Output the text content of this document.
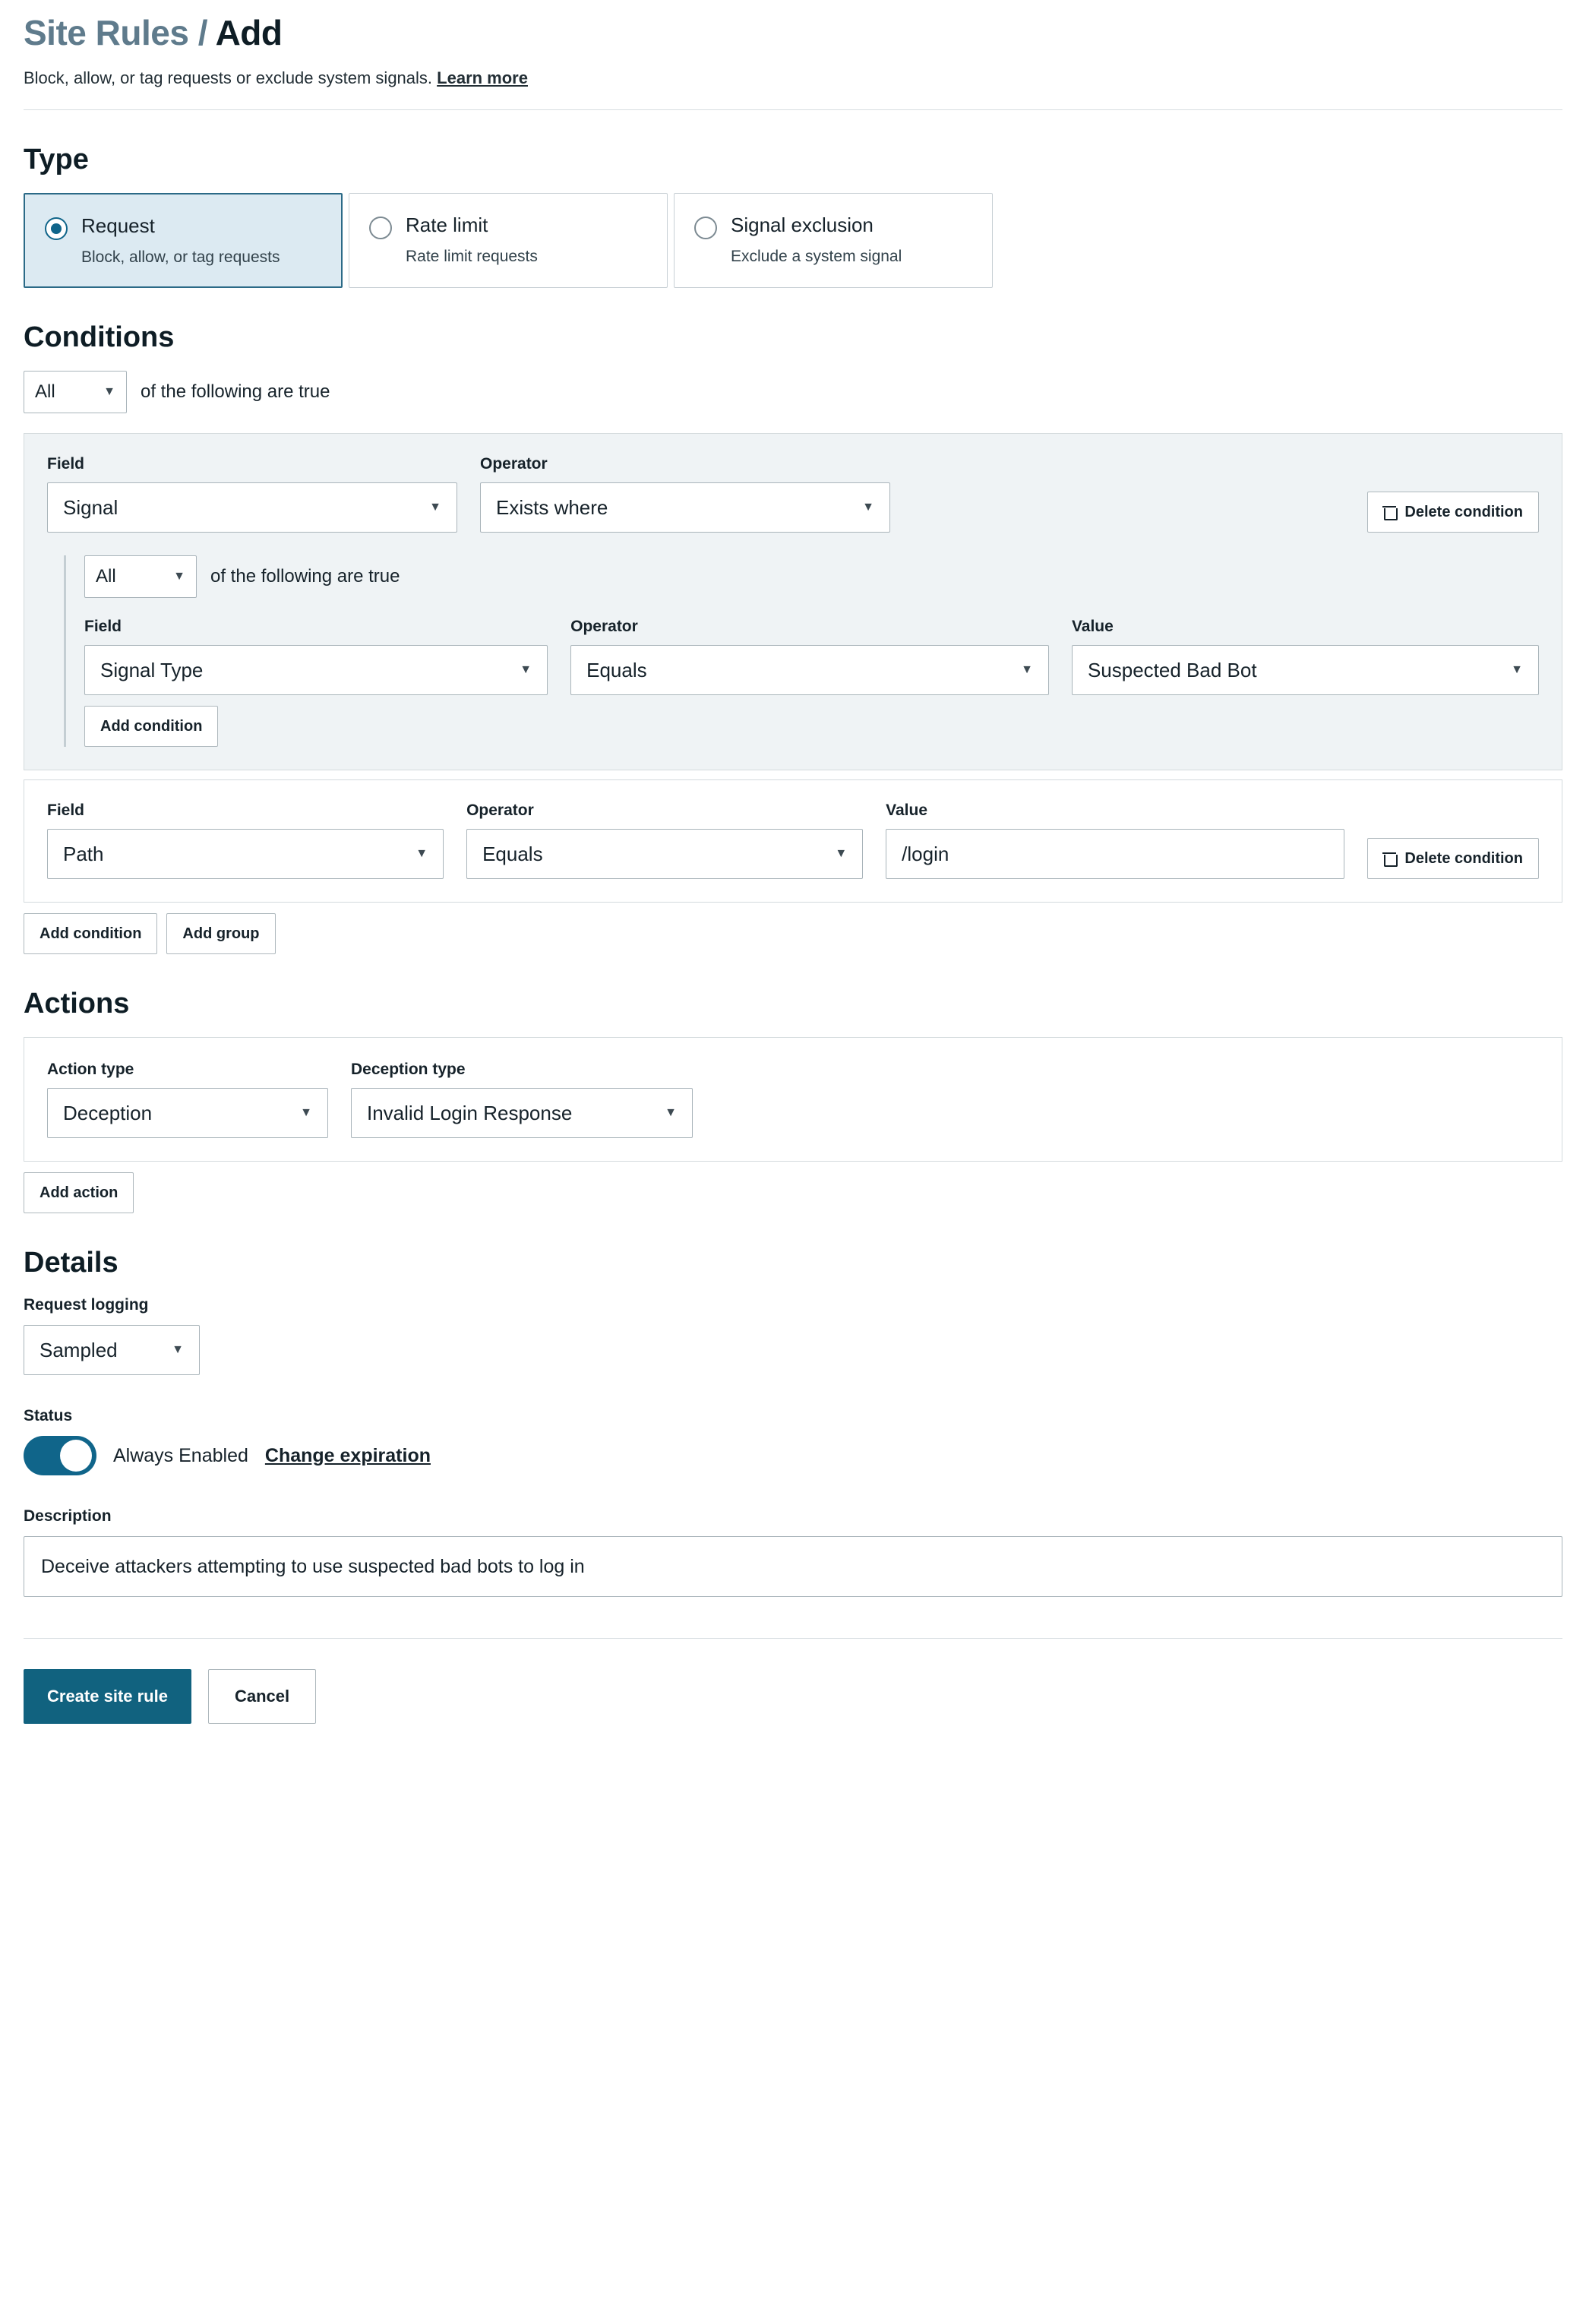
Site Rules / Add

Block, allow, or tag requests or exclude system signals. Learn more

Type
Request
Block, allow, or tag requests
Rate limit
Rate limit requests
Signal exclusion
Exclude a system signal
Conditions
All	▼ of the following are true
Field
Signal	▼
Operator
Exists where	▼	Delete condition
All	▼ of the following are true
Field
Signal Type	▼
Operator
Equals	▼
Value
Suspected Bad Bot	▼
Add condition
Field
Path	▼
Operator
Equals	▼
Value
/login	Delete condition
Add condition	Add group
Actions
Action type
Deception	▼
Deception type
Invalid Login Response	▼
Add action
Details
Request logging
Sampled	▼
Status
Always Enabled Change expiration
Description
Deceive attackers attempting to use suspected bad bots to log in
Create site rule	Cancel
